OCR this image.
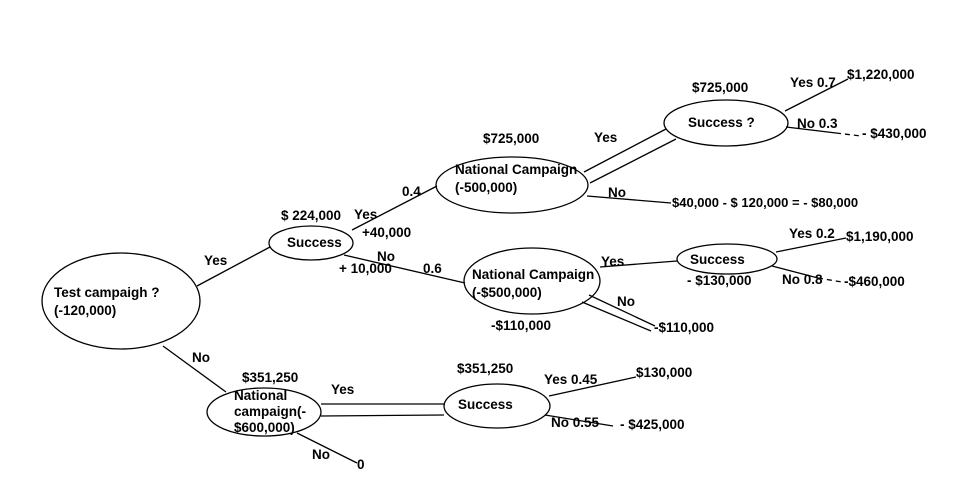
Test campaigh ?
(-120,000)
Success
$ 224,000
National Campaign
(-500,000)
$725,000
Success ?
$725,000
National Campaign
(-$500,000)
-$110,000
Success
- $130,000
National
campaign(-
$600,000)
$351,250
Success
$351,250
Yes
No
Yes
+40,000
0.4
No
+ 10,000 0.6
Yes
No
$40,000 - $ 120,000 = - $80,000
Yes 0.7
$1,220,000
No 0.3
- $430,000
Yes
No
-$110,000
Yes 0.2 $1,190,000
No 0.8 -$460,000
Yes
No
0
Yes 0.45	$130,000
No 0.55 - $425,000
